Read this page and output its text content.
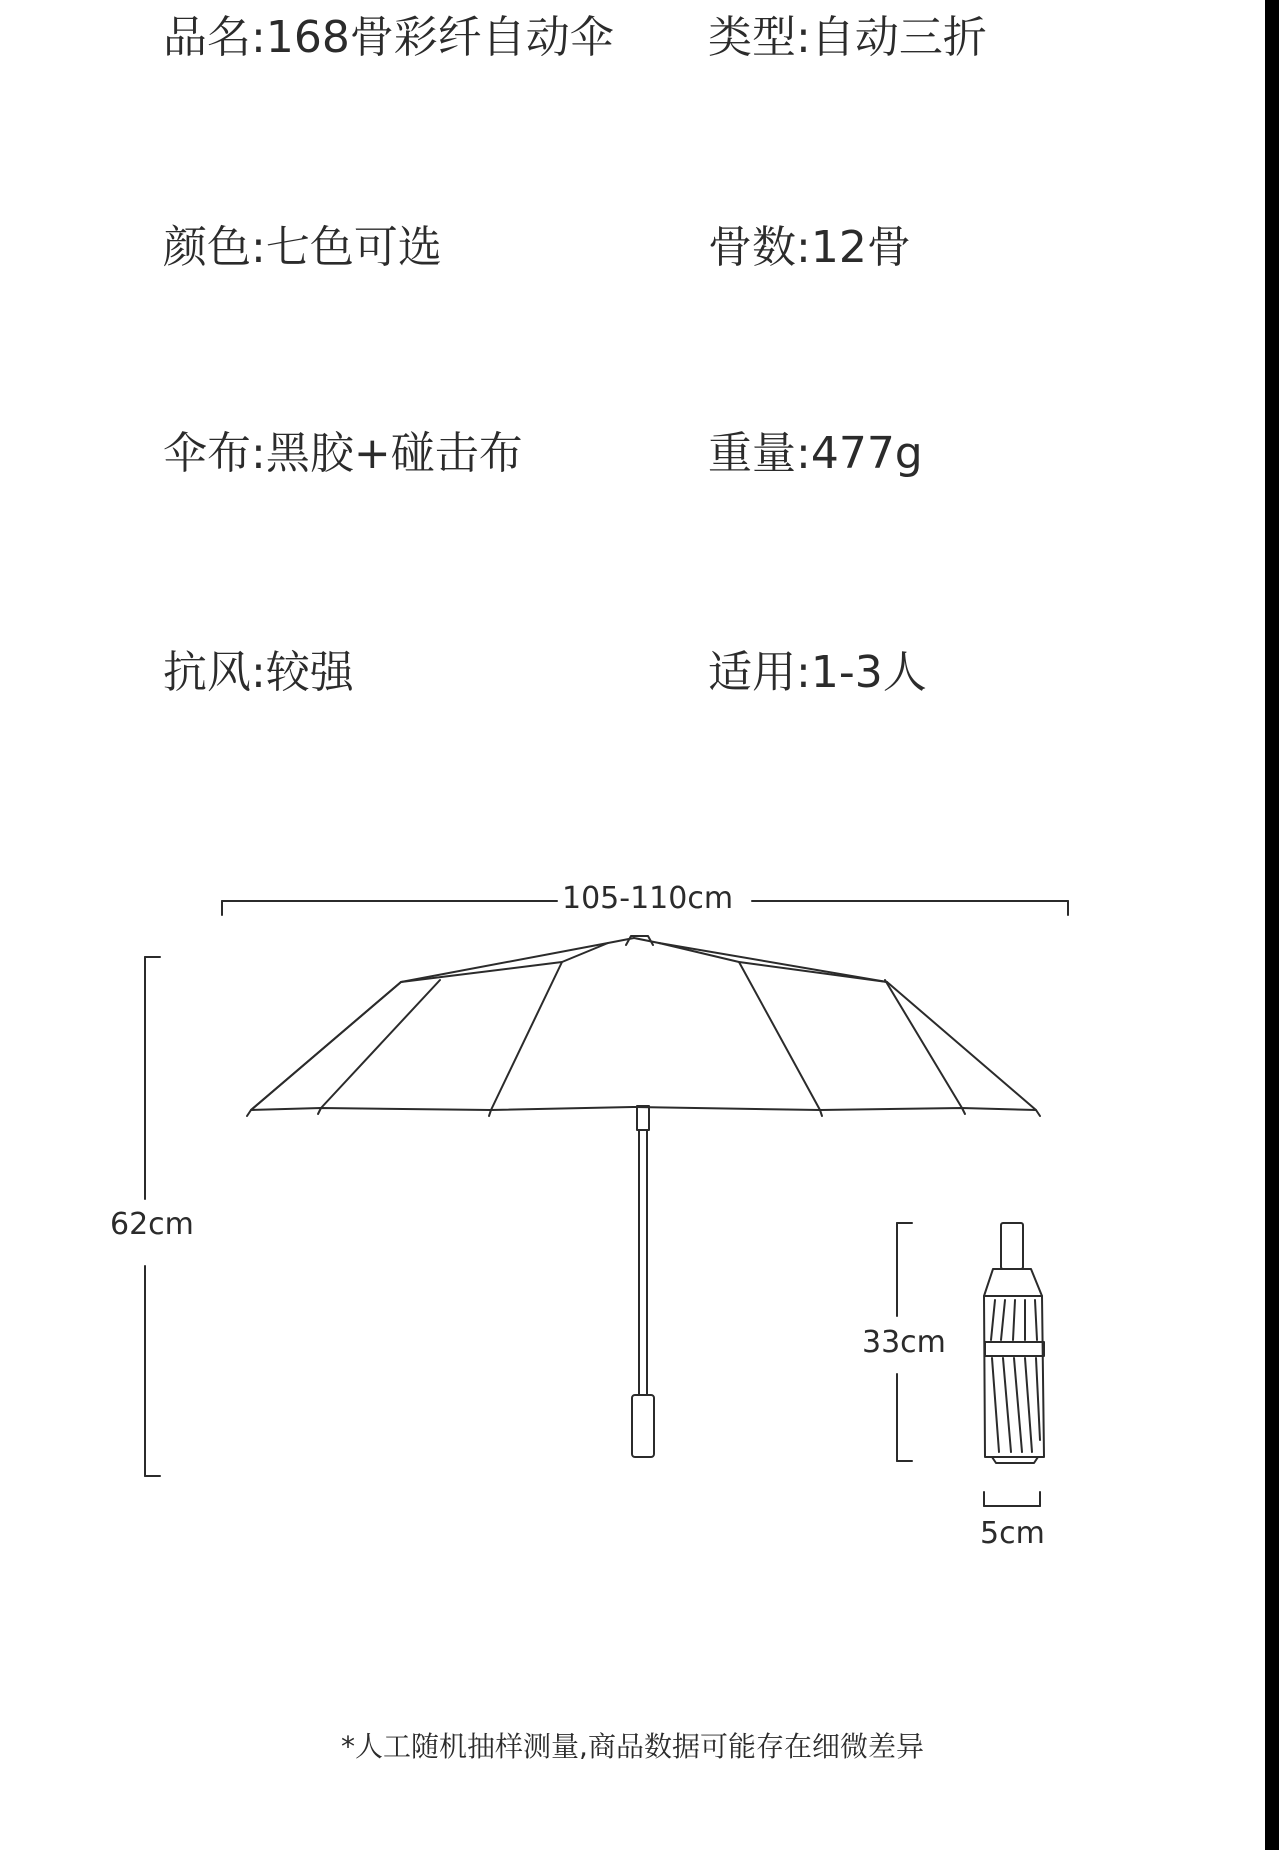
品名:168骨彩纤自动伞 类型:自动三折
颜色:七色可选	骨数:12骨
伞布:黑胶+碰击布	重量:477g
抗风:较强	适用:1-3人
105-110cm
62cm
33cm
5cm
*人工随机抽样测量,商品数据可能存在细微差异
